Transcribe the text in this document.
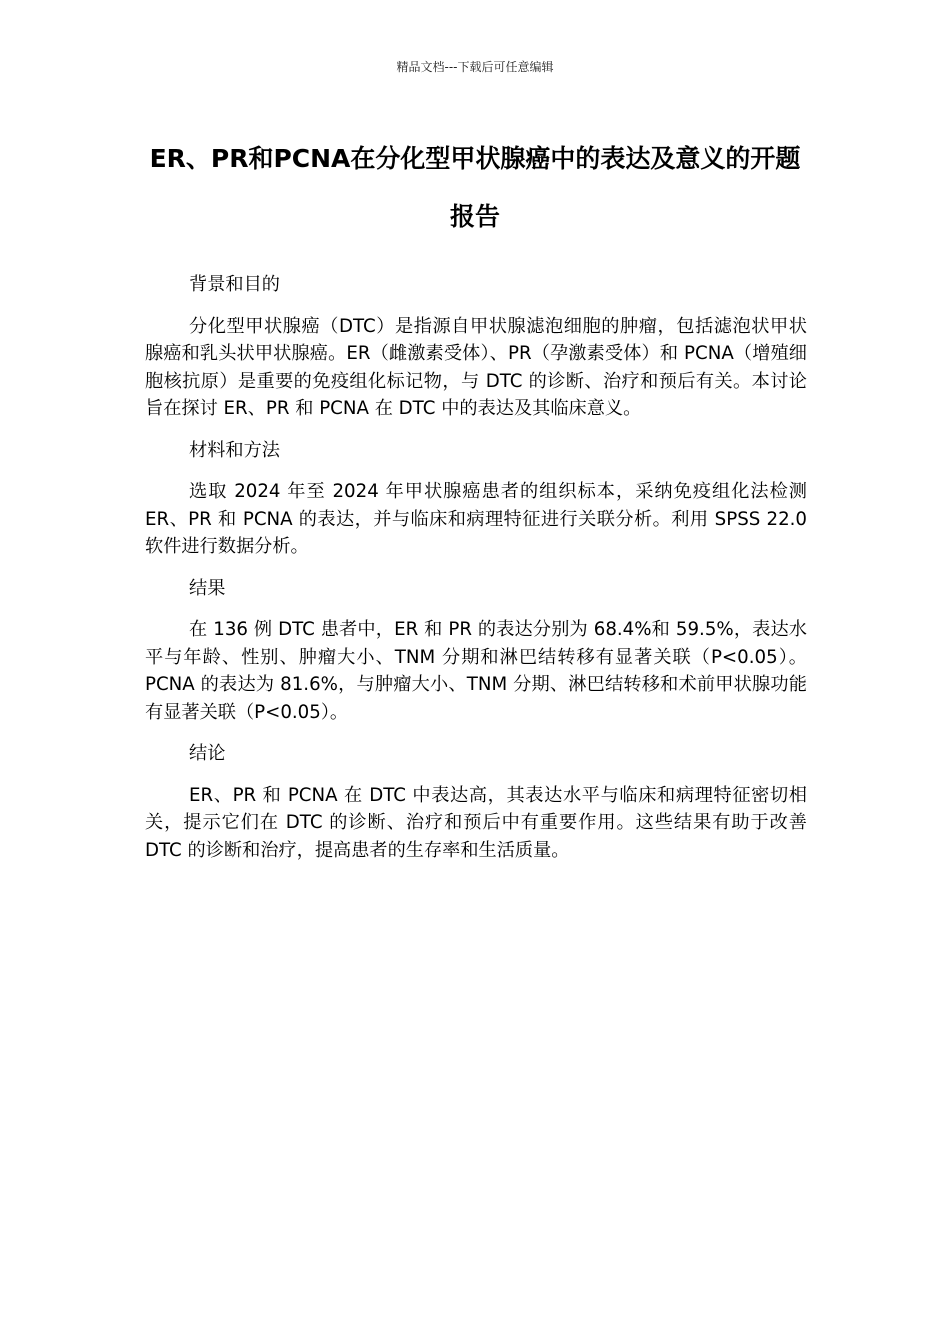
精品文档---下载后可任意编辑
ER、PR和PCNA在分化型甲状腺癌中的表达及意义的开题报告

背景和目的

分化型甲状腺癌（DTC）是指源自甲状腺滤泡细胞的肿瘤，包括滤泡状甲状腺癌和乳头状甲状腺癌。ER（雌激素受体）、PR（孕激素受体）和 PCNA（增殖细胞核抗原）是重要的免疫组化标记物，与 DTC 的诊断、治疗和预后有关。本讨论旨在探讨 ER、PR 和 PCNA 在 DTC 中的表达及其临床意义。

材料和方法

选取 2024 年至 2024 年甲状腺癌患者的组织标本，采纳免疫组化法检测 ER、PR 和 PCNA 的表达，并与临床和病理特征进行关联分析。利用 SPSS 22.0 软件进行数据分析。

结果

在 136 例 DTC 患者中，ER 和 PR 的表达分别为 68.4%和 59.5%，表达水平与年龄、性别、肿瘤大小、TNM 分期和淋巴结转移有显著关联（P<0.05）。PCNA 的表达为 81.6%，与肿瘤大小、TNM 分期、淋巴结转移和术前甲状腺功能有显著关联（P<0.05）。

结论

ER、PR 和 PCNA 在 DTC 中表达高，其表达水平与临床和病理特征密切相关，提示它们在 DTC 的诊断、治疗和预后中有重要作用。这些结果有助于改善 DTC 的诊断和治疗，提高患者的生存率和生活质量。
